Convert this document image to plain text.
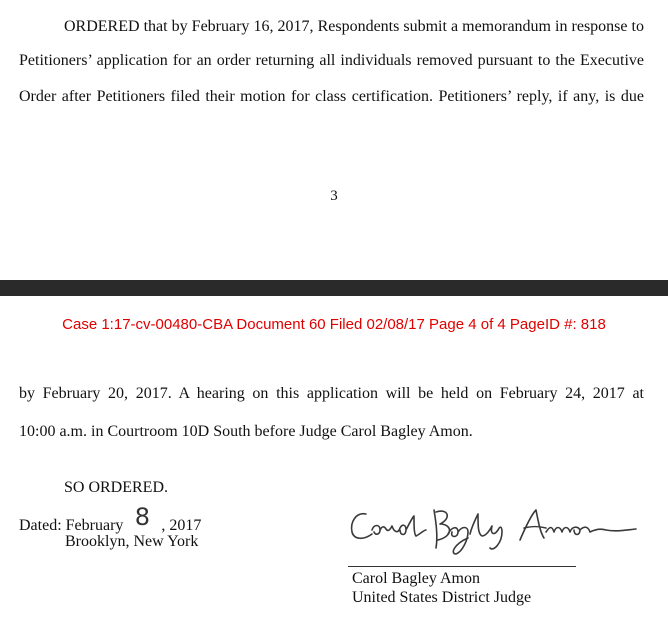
ORDERED that by February 16, 2017, Respondents submit a memorandum in response to
Petitioners’ application for an order returning all individuals removed pursuant to the Executive
Order after Petitioners filed their motion for class certification. Petitioners’ reply, if any, is due
3
Case 1:17-cv-00480-CBA Document 60 Filed 02/08/17 Page 4 of 4 PageID #: 818
by February 20, 2017. A hearing on this application will be held on February 24, 2017 at
10:00 a.m. in Courtroom 10D South before Judge Carol Bagley Amon.
SO ORDERED.
Dated: February 8 , 2017
Brooklyn, New York
Carol Bagley Amon
United States District Judge
